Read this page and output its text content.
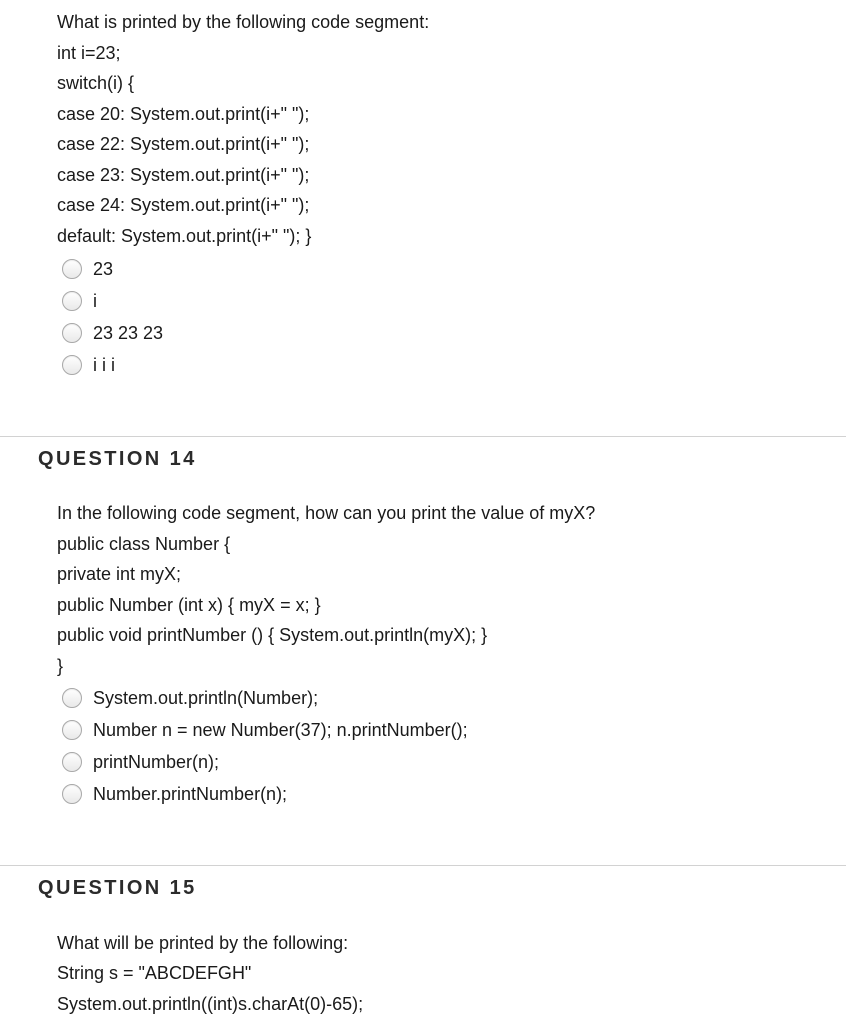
What is printed by the following code segment:
int i=23;
switch(i) {
case 20: System.out.print(i+" ");
case 22: System.out.print(i+" ");
case 23: System.out.print(i+" ");
case 24: System.out.print(i+" ");
default: System.out.print(i+" "); }
23
i
23 23 23
i i i
QUESTION 14
In the following code segment, how can you print the value of myX?
public class Number {
private int myX;
public Number (int x) { myX = x; }
public void printNumber () { System.out.println(myX); }
}
System.out.println(Number);
Number n = new Number(37); n.printNumber();
printNumber(n);
Number.printNumber(n);
QUESTION 15
What will be printed by the following:
String s = "ABCDEFGH"
System.out.println((int)s.charAt(0)-65);
